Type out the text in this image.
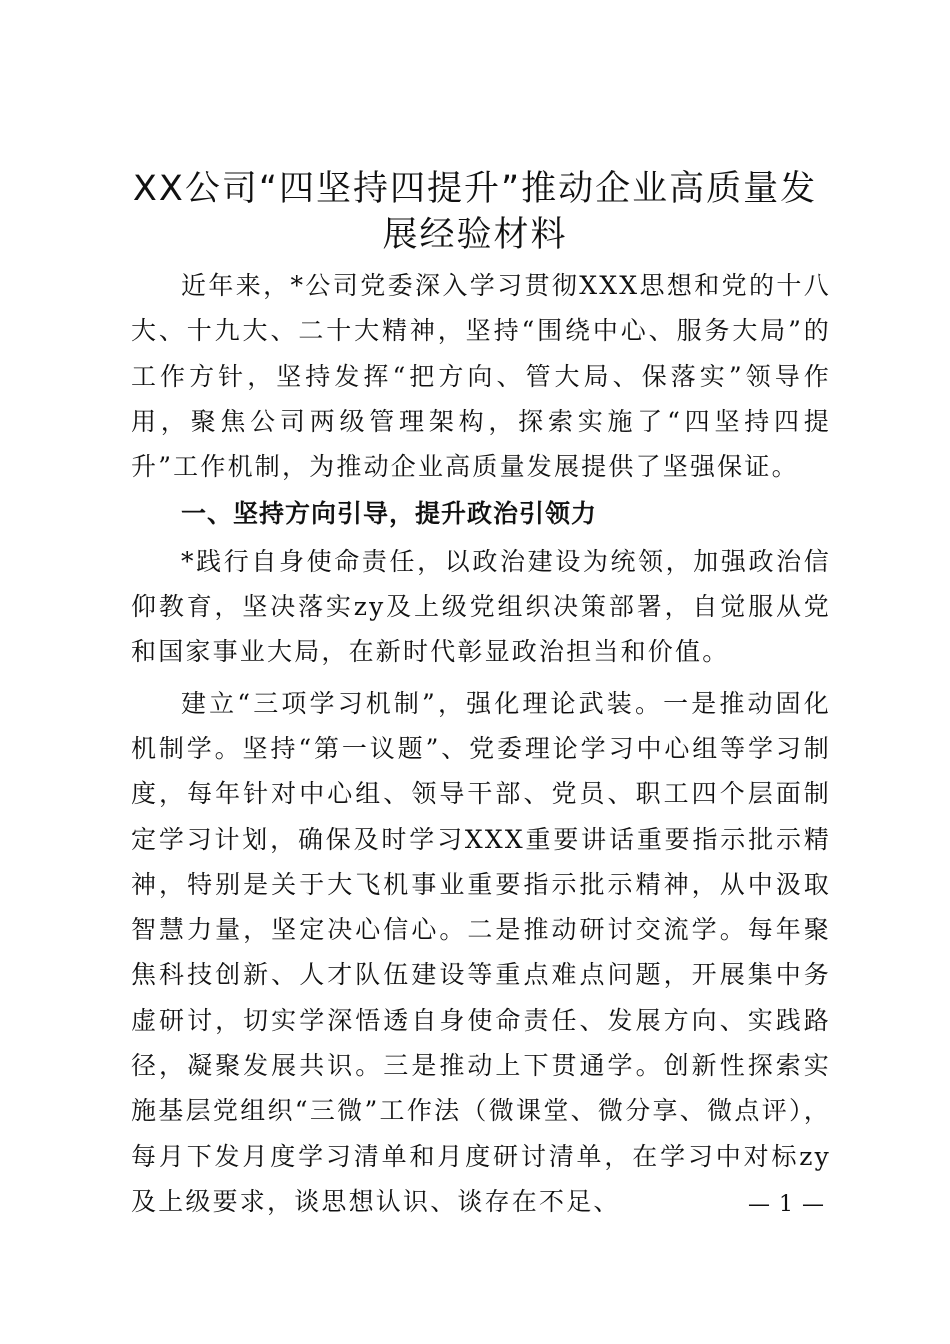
XX公司“四坚持四提升”推动企业高质量发展经验材料

近年来，*公司党委深入学习贯彻XXX思想和党的十八大、十九大、二十大精神，坚持“围绕中心、服务大局”的工作方针，坚持发挥“把方向、管大局、保落实”领导作用，聚焦公司两级管理架构，探索实施了“四坚持四提升”工作机制，为推动企业高质量发展提供了坚强保证。

一、坚持方向引导，提升政治引领力

*践行自身使命责任，以政治建设为统领，加强政治信仰教育，坚决落实zy及上级党组织决策部署，自觉服从党和国家事业大局，在新时代彰显政治担当和价值。

建立“三项学习机制”，强化理论武装。一是推动固化机制学。坚持“第一议题”、党委理论学习中心组等学习制度，每年针对中心组、领导干部、党员、职工四个层面制定学习计划，确保及时学习XXX重要讲话重要指示批示精神，特别是关于大飞机事业重要指示批示精神，从中汲取智慧力量，坚定决心信心。二是推动研讨交流学。每年聚焦科技创新、人才队伍建设等重点难点问题，开展集中务虚研讨，切实学深悟透自身使命责任、发展方向、实践路径，凝聚发展共识。三是推动上下贯通学。创新性探索实施基层党组织“三微”工作法（微课堂、微分享、微点评），每月下发月度学习清单和月度研讨清单，在学习中对标zy及上级要求，谈思想认识、谈存在不足、	— 1 —
